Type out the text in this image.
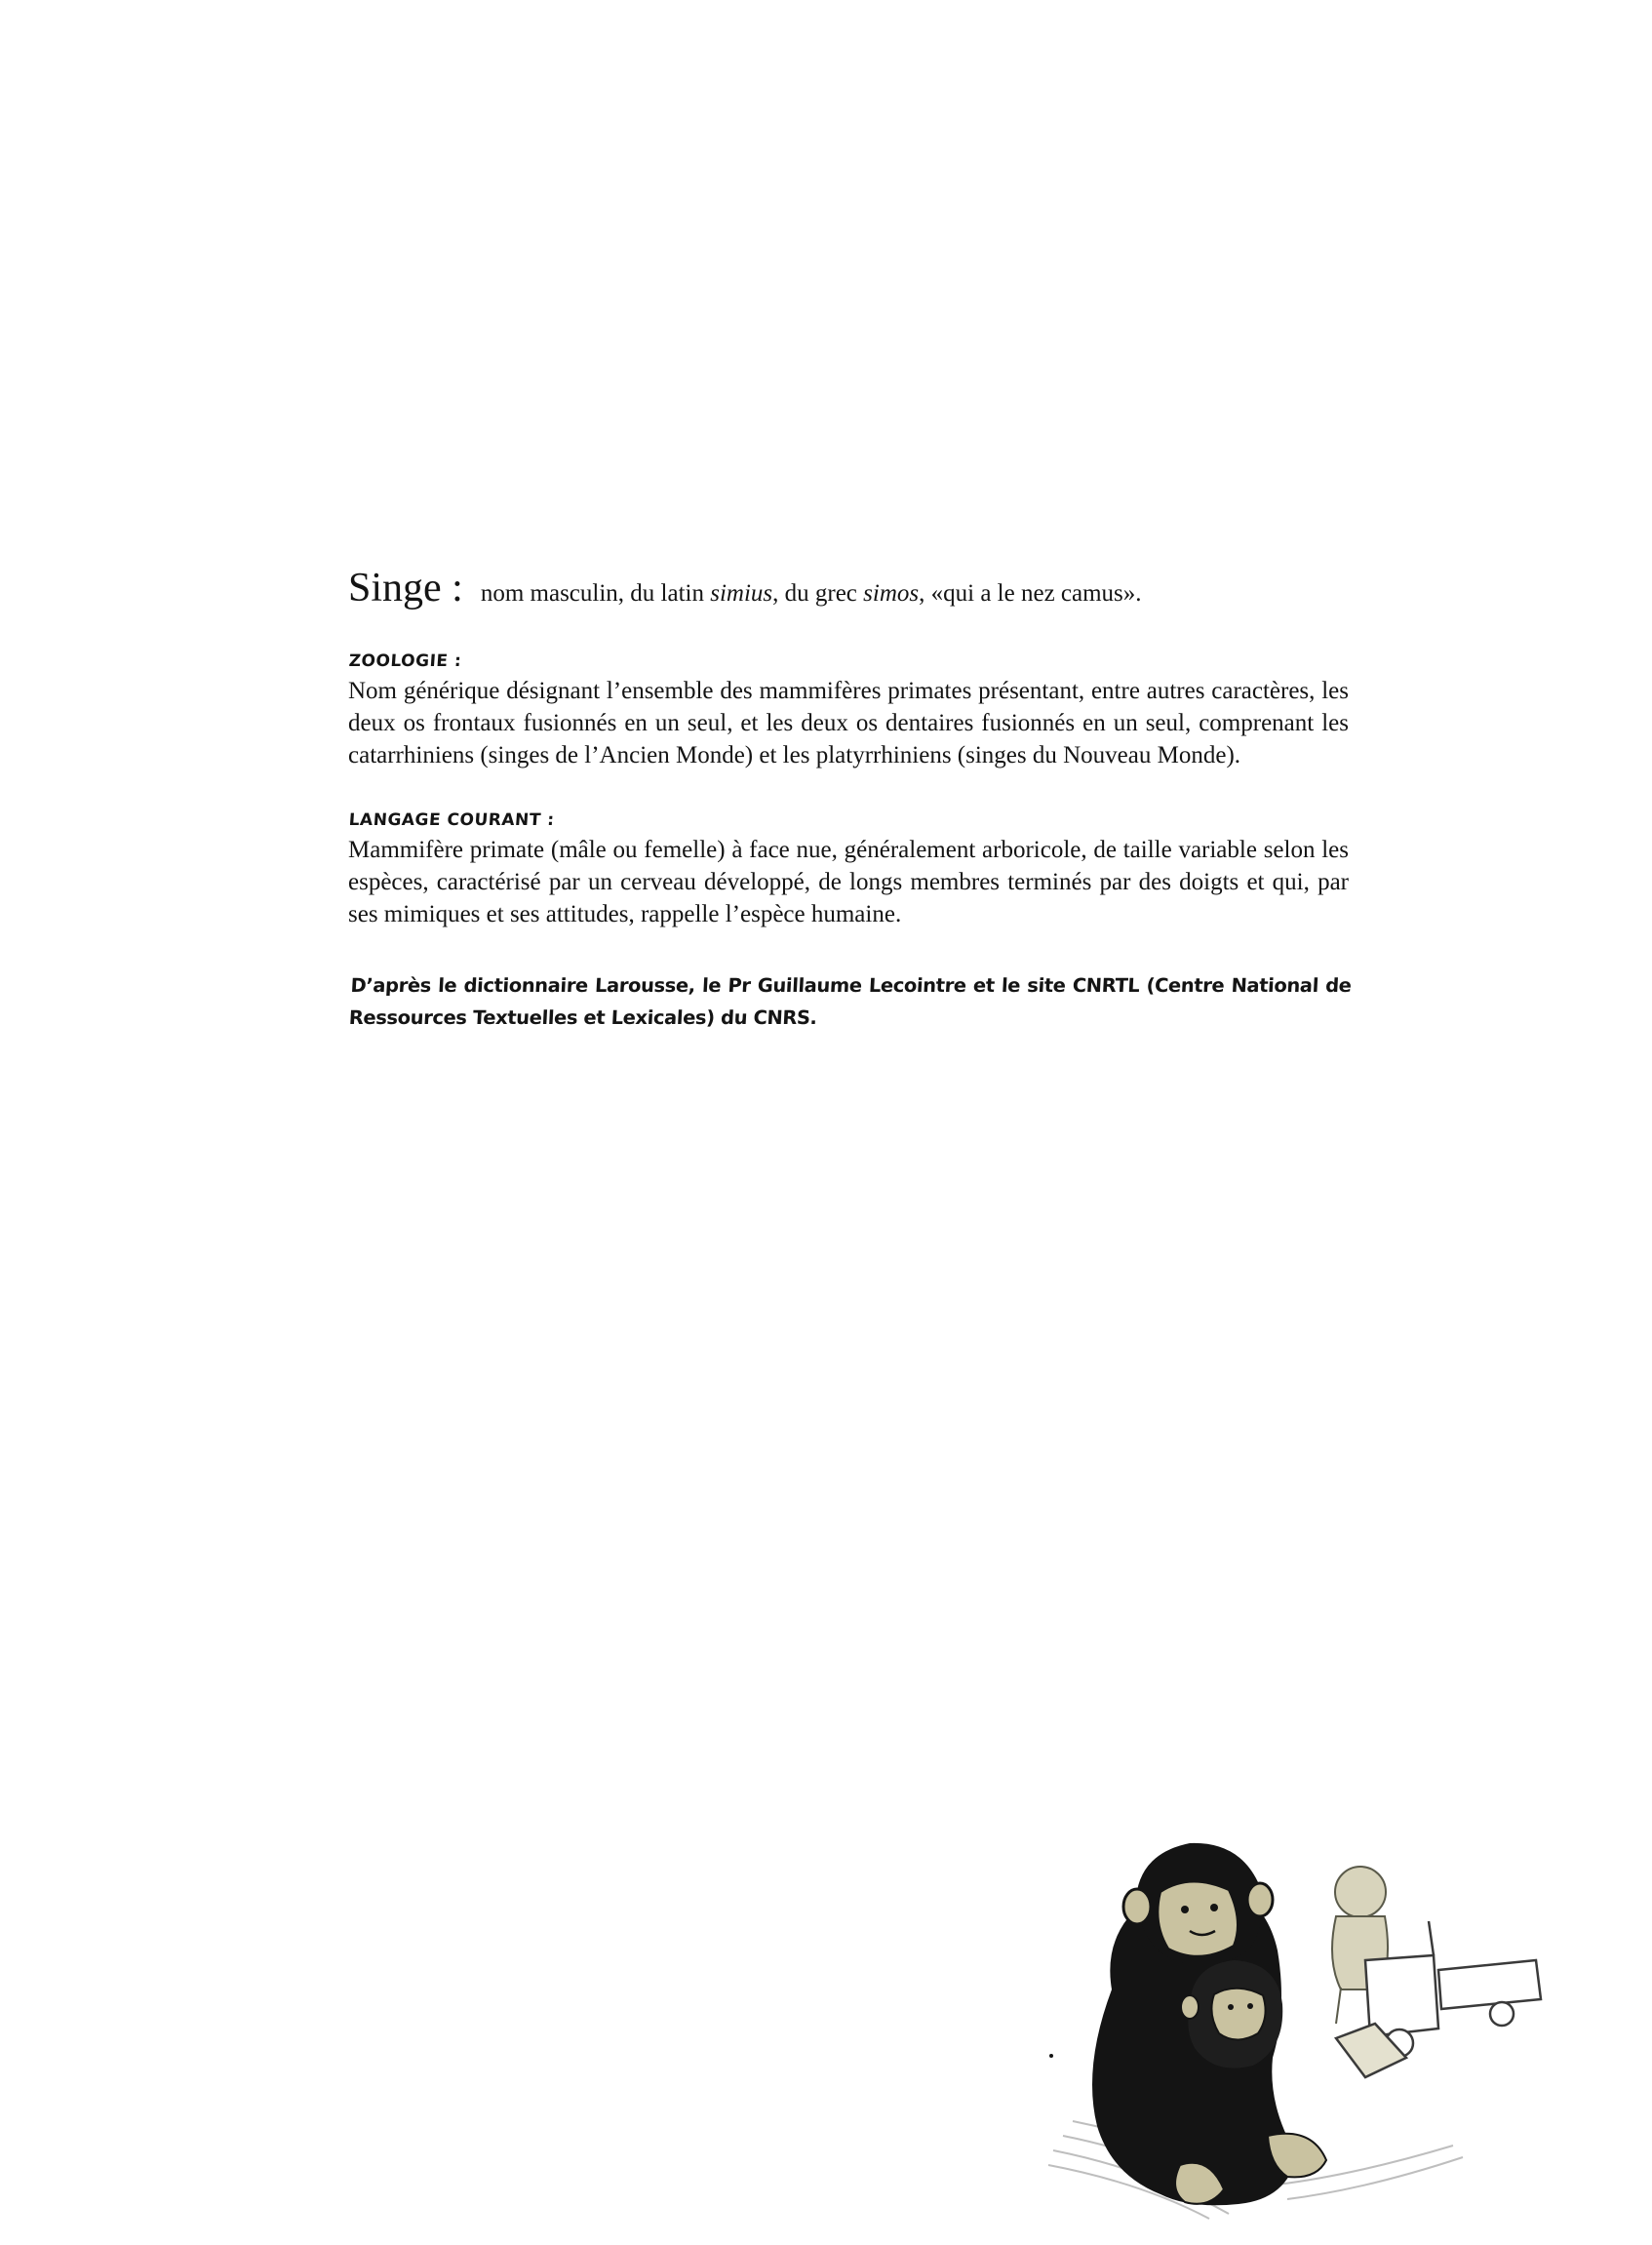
Singe : nom masculin, du latin simius, du grec simos, «qui a le nez camus».

ZOOLOGIE :

Nom générique désignant l’ensemble des mammifères primates présentant, entre autres caractères, les deux os frontaux fusionnés en un seul, et les deux os dentaires fusionnés en un seul, comprenant les catarrhiniens (singes de l’Ancien Monde) et les platyrrhiniens (singes du Nouveau Monde).

LANGAGE COURANT :

Mammifère primate (mâle ou femelle) à face nue, généralement arboricole, de taille variable selon les espèces, caractérisé par un cerveau développé, de longs membres terminés par des doigts et qui, par ses mimiques et ses attitudes, rappelle l’espèce humaine.

D’après le dictionnaire Larousse, le Pr Guillaume Lecointre et le site CNRTL (Centre National de Ressources Textuelles et Lexicales) du CNRS.
